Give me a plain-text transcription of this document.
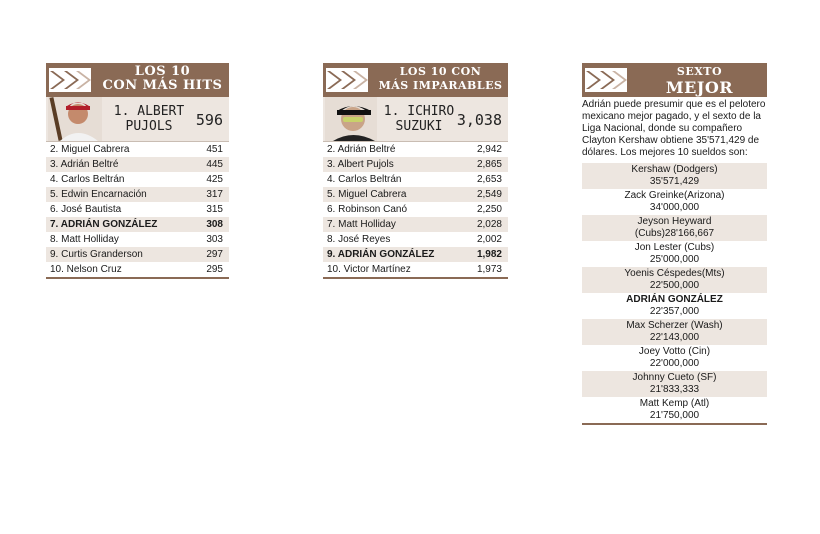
LOS 10
CON MÁS HITS
1. ALBERT
PUJOLS	596
2. Miguel Cabrera	451
3. Adrián Beltré	445
4. Carlos Beltrán	425
5. Edwin Encarnación	317
6. José Bautista	315
7. ADRIÁN GONZÁLEZ	308
8. Matt Holliday	303
9. Curtis Granderson	297
10. Nelson Cruz	295
LOS 10 CON
MÁS IMPARABLES
1. ICHIRO
SUZUKI 3,038
2. Adrián Beltré	2,942
3. Albert Pujols	2,865
4. Carlos Beltrán	2,653
5. Miguel Cabrera	2,549
6. Robinson Canó	2,250
7. Matt Holliday	2,028
8. José Reyes	2,002
9. ADRIÁN GONZÁLEZ	1,982
10. Victor Martínez	1,973
SEXTO
MEJOR
Adrián puede presumir que es el pelotero mexicano mejor pagado, y el sexto de la Liga Nacional, donde su compañero Clayton Kershaw obtiene 35'571,429 de dólares. Los mejores 10 sueldos son:
Kershaw (Dodgers)
35'571,429
Zack Greinke(Arizona)
34'000,000
Jeyson Heyward
(Cubs)28'166,667
Jon Lester (Cubs)
25'000,000
Yoenis Céspedes(Mts)
22'500,000
ADRIÁN GONZÁLEZ
22'357,000
Max Scherzer (Wash)
22'143,000
Joey Votto (Cin)
22'000,000
Johnny Cueto (SF)
21'833,333
Matt Kemp (Atl)
21'750,000
